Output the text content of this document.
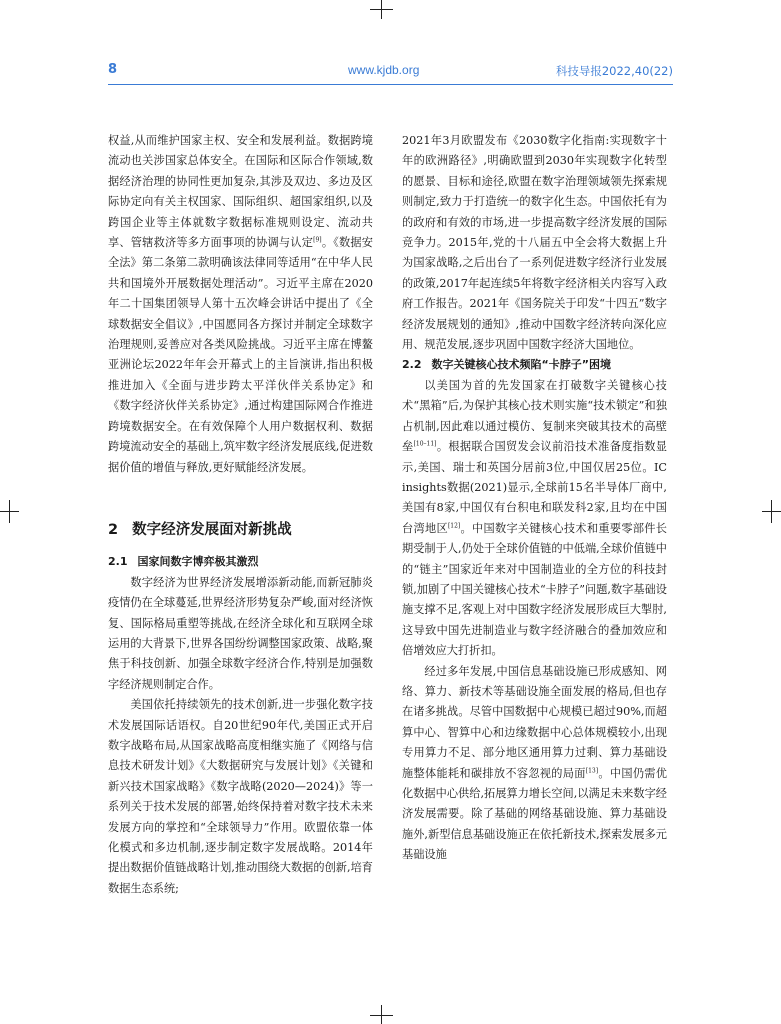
8	www.kjdb.org	科技导报2022,40(22)

权益,从而维护国家主权、安全和发展利益。数据跨境流动也关涉国家总体安全。在国际和区际合作领域,数据经济治理的协同性更加复杂,其涉及双边、多边及区际协定向有关主权国家、国际组织、超国家组织,以及跨国企业等主体就数字数据标准规则设定、流动共享、管辖救济等多方面事项的协调与认定[9]。《数据安全法》第二条第二款明确该法律同等适用“在中华人民共和国境外开展数据处理活动”。习近平主席在2020年二十国集团领导人第十五次峰会讲话中提出了《全球数据安全倡议》,中国愿同各方探讨并制定全球数字治理规则,妥善应对各类风险挑战。习近平主席在博鳌亚洲论坛2022年年会开幕式上的主旨演讲,指出积极推进加入《全面与进步跨太平洋伙伴关系协定》和《数字经济伙伴关系协定》,通过构建国际网合作推进跨境数据安全。在有效保障个人用户数据权利、数据跨境流动安全的基础上,筑牢数字经济发展底线,促进数据价值的增值与释放,更好赋能经济发展。

2 数字经济发展面对新挑战
2.1 国家间数字博弈极其激烈

数字经济为世界经济发展增添新动能,而新冠肺炎疫情仍在全球蔓延,世界经济形势复杂严峻,面对经济恢复、国际格局重塑等挑战,在经济全球化和互联网全球运用的大背景下,世界各国纷纷调整国家政策、战略,聚焦于科技创新、加强全球数字经济合作,特别是加强数字经济规则制定合作。

美国依托持续领先的技术创新,进一步强化数字技术发展国际话语权。自20世纪90年代,美国正式开启数字战略布局,从国家战略高度相继实施了《网络与信息技术研发计划》《大数据研究与发展计划》《关键和新兴技术国家战略》《数字战略(2020—2024)》等一系列关于技术发展的部署,始终保持着对数字技术未来发展方向的掌控和“全球领导力”作用。欧盟依靠一体化模式和多边机制,逐步制定数字发展战略。2014年提出数据价值链战略计划,推动围绕大数据的创新,培育数据生态系统;

2021年3月欧盟发布《2030数字化指南:实现数字十年的欧洲路径》,明确欧盟到2030年实现数字化转型的愿景、目标和途径,欧盟在数字治理领域领先探索规则制定,致力于打造统一的数字化生态。中国依托有为的政府和有效的市场,进一步提高数字经济发展的国际竞争力。2015年,党的十八届五中全会将大数据上升为国家战略,之后出台了一系列促进数字经济行业发展的政策,2017年起连续5年将数字经济相关内容写入政府工作报告。2021年《国务院关于印发“十四五”数字经济发展规划的通知》,推动中国数字经济转向深化应用、规范发展,逐步巩固中国数字经济大国地位。

2.2 数字关键核心技术频陷“卡脖子”困境

以美国为首的先发国家在打破数字关键核心技术“黑箱”后,为保护其核心技术则实施“技术锁定”和独占机制,因此难以通过模仿、复制来突破其技术的高壁垒[10–11]。根据联合国贸发会议前沿技术准备度指数显示,美国、瑞士和英国分居前3位,中国仅居25位。IC insights数据(2021)显示,全球前15名半导体厂商中,美国有8家,中国仅有台积电和联发科2家,且均在中国台湾地区[12]。中国数字关键核心技术和重要零部件长期受制于人,仍处于全球价值链的中低端,全球价值链中的“链主”国家近年来对中国制造业的全方位的科技封锁,加剧了中国关键核心技术“卡脖子”问题,数字基础设施支撑不足,客观上对中国数字经济发展形成巨大掣肘,这导致中国先进制造业与数字经济融合的叠加效应和倍增效应大打折扣。

经过多年发展,中国信息基础设施已形成感知、网络、算力、新技术等基础设施全面发展的格局,但也存在诸多挑战。尽管中国数据中心规模已超过90%,而超算中心、智算中心和边缘数据中心总体规模较小,出现专用算力不足、部分地区通用算力过剩、算力基础设施整体能耗和碳排放不容忽视的局面[13]。中国仍需优化数据中心供给,拓展算力增长空间,以满足未来数字经济发展需要。除了基础的网络基础设施、算力基础设施外,新型信息基础设施正在依托新技术,探索发展多元基础设施
